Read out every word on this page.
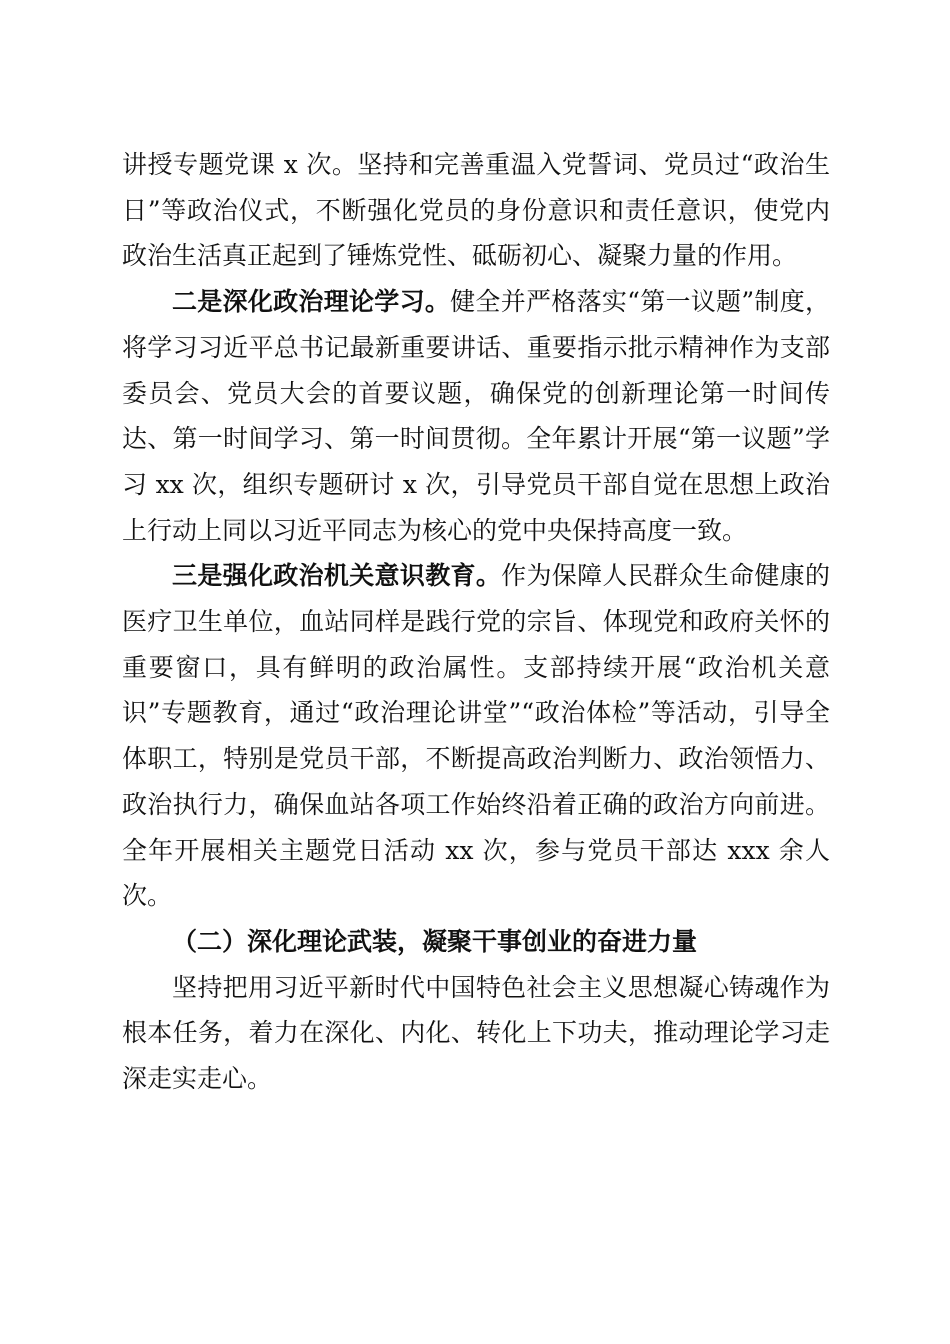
讲授专题党课 x 次。坚持和完善重温入党誓词、党员过“政治生日”等政治仪式，不断强化党员的身份意识和责任意识，使党内政治生活真正起到了锤炼党性、砥砺初心、凝聚力量的作用。

二是深化政治理论学习。健全并严格落实“第一议题”制度，将学习习近平总书记最新重要讲话、重要指示批示精神作为支部委员会、党员大会的首要议题，确保党的创新理论第一时间传达、第一时间学习、第一时间贯彻。全年累计开展“第一议题”学习 xx 次，组织专题研讨 x 次，引导党员干部自觉在思想上政治上行动上同以习近平同志为核心的党中央保持高度一致。

三是强化政治机关意识教育。作为保障人民群众生命健康的医疗卫生单位，血站同样是践行党的宗旨、体现党和政府关怀的重要窗口，具有鲜明的政治属性。支部持续开展“政治机关意识”专题教育，通过“政治理论讲堂”“政治体检”等活动，引导全体职工，特别是党员干部，不断提高政治判断力、政治领悟力、政治执行力，确保血站各项工作始终沿着正确的政治方向前进。全年开展相关主题党日活动 xx 次，参与党员干部达 xxx 余人次。

（二）深化理论武装，凝聚干事创业的奋进力量

坚持把用习近平新时代中国特色社会主义思想凝心铸魂作为根本任务，着力在深化、内化、转化上下功夫，推动理论学习走深走实走心。
